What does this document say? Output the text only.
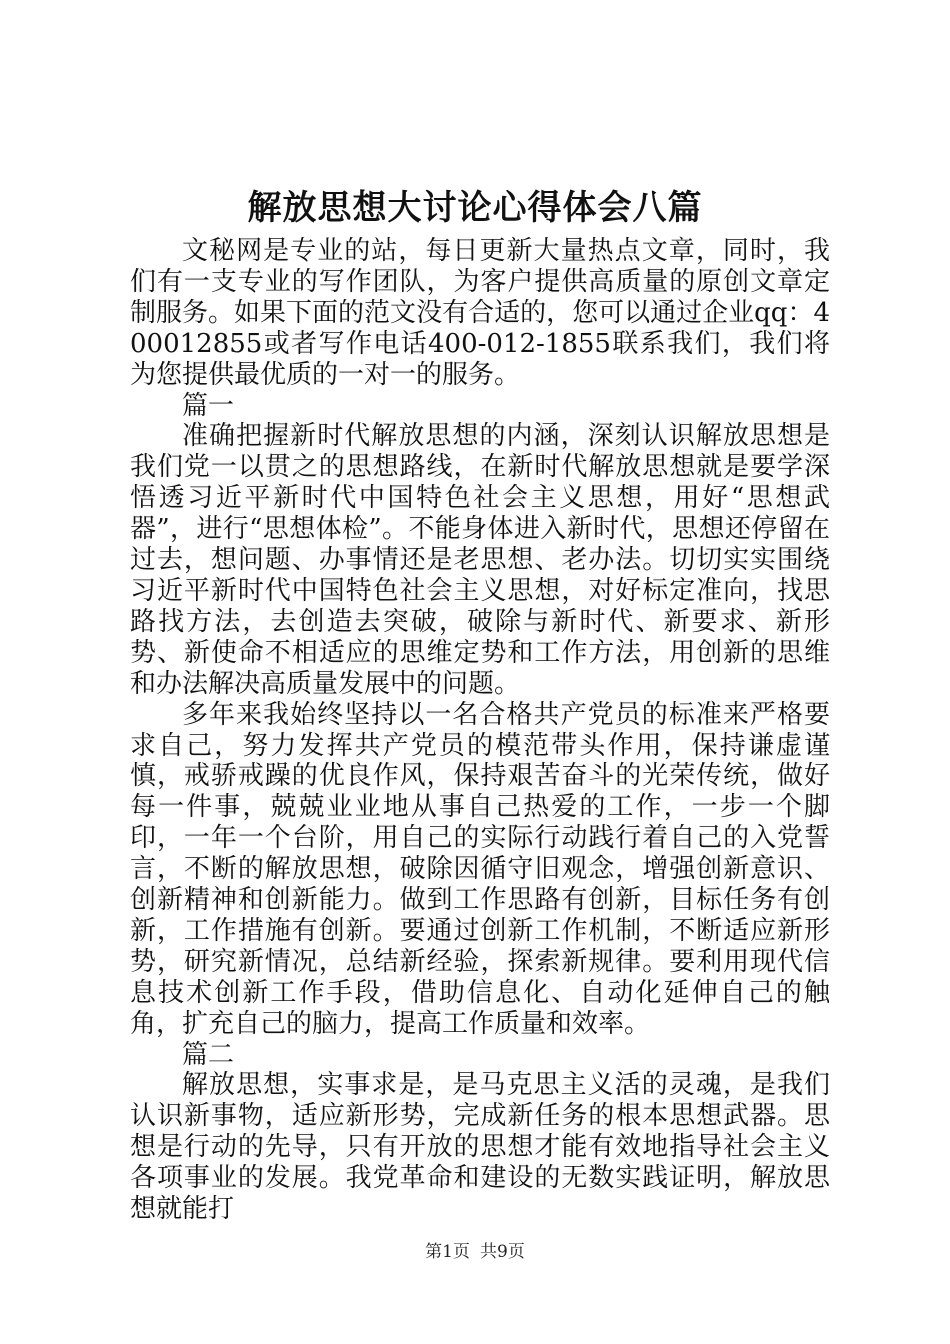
解放思想大讨论心得体会八篇

文秘网是专业的站，每日更新大量热点文章，同时，我们有一支专业的写作团队，为客户提供高质量的原创文章定制服务。如果下面的范文没有合适的，您可以通过企业qq：400012855或者写作电话400-012-1855联系我们，我们将为您提供最优质的一对一的服务。

篇一

准确把握新时代解放思想的内涵，深刻认识解放思想是我们党一以贯之的思想路线，在新时代解放思想就是要学深悟透习近平新时代中国特色社会主义思想，用好“思想武器”，进行“思想体检”。不能身体进入新时代，思想还停留在过去，想问题、办事情还是老思想、老办法。切切实实围绕习近平新时代中国特色社会主义思想，对好标定准向，找思路找方法，去创造去突破，破除与新时代、新要求、新形势、新使命不相适应的思维定势和工作方法，用创新的思维和办法解决高质量发展中的问题。

多年来我始终坚持以一名合格共产党员的标准来严格要求自己，努力发挥共产党员的模范带头作用，保持谦虚谨慎，戒骄戒躁的优良作风，保持艰苦奋斗的光荣传统，做好每一件事，兢兢业业地从事自己热爱的工作，一步一个脚印，一年一个台阶，用自己的实际行动践行着自己的入党誓言，不断的解放思想，破除因循守旧观念，增强创新意识、创新精神和创新能力。做到工作思路有创新，目标任务有创新，工作措施有创新。要通过创新工作机制，不断适应新形势，研究新情况，总结新经验，探索新规律。要利用现代信息技术创新工作手段，借助信息化、自动化延伸自己的触角，扩充自己的脑力，提高工作质量和效率。

篇二

解放思想，实事求是，是马克思主义活的灵魂，是我们认识新事物，适应新形势，完成新任务的根本思想武器。思想是行动的先导，只有开放的思想才能有效地指导社会主义各项事业的发展。我党革命和建设的无数实践证明，解放思想就能打

第1页 共9页
